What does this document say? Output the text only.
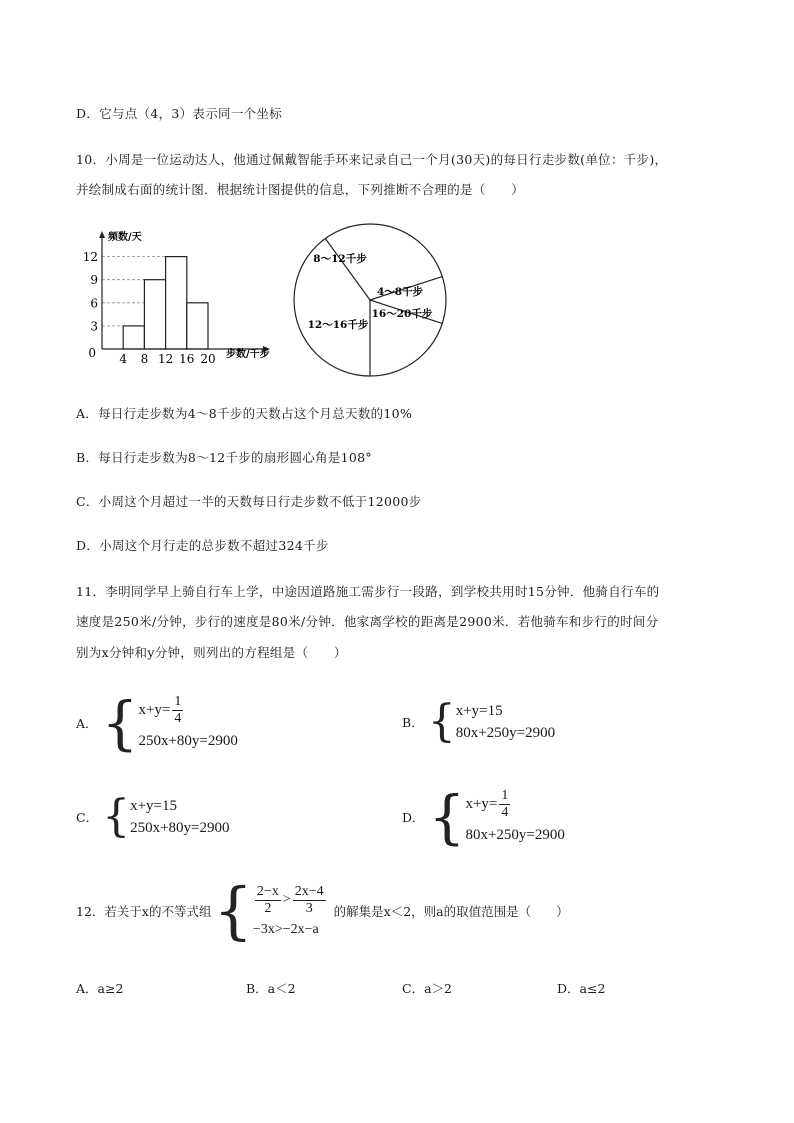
D．它与点（4，3）表示同一个坐标
10．小周是一位运动达人，他通过佩戴智能手环来记录自己一个月(30天)的每日行走步数(单位：千步)，
并绘制成右面的统计图．根据统计图提供的信息，下列推断不合理的是（　　）
3
6
9
12
4 8 12 16 20
0
频数/天
步数/千步
8～12千步
4～8千步
16～20千步
12～16千步
A．每日行走步数为4～8千步的天数占这个月总天数的10%
B．每日行走步数为8～12千步的扇形圆心角是108°
C．小周这个月超过一半的天数每日行走步数不低于12000步
D．小周这个月行走的总步数不超过324千步
11．李明同学早上骑自行车上学，中途因道路施工需步行一段路，到学校共用时15分钟．他骑自行车的
速度是250米/分钟，步行的速度是80米/分钟．他家离学校的距离是2900米．若他骑车和步行的时间分
别为x分钟和y分钟，则列出的方程组是（　　）
A． { $x+y= \frac{1}{4}$
250x+80y=2900
B． { x+y=15
80x+250y=2900
C． { x+y=15
250x+80y=2900
D． { $x+y= \frac{1}{4}$
80x+250y=2900
12．若关于x的不等式组 { $\frac{2-x}{2} > \frac{2x-4}{3}$
−3x>−2x−a
的解集是x＜2，则a的取值范围是（　　）
A．a≥2	B．a＜2	C．a＞2	D．a≤2
